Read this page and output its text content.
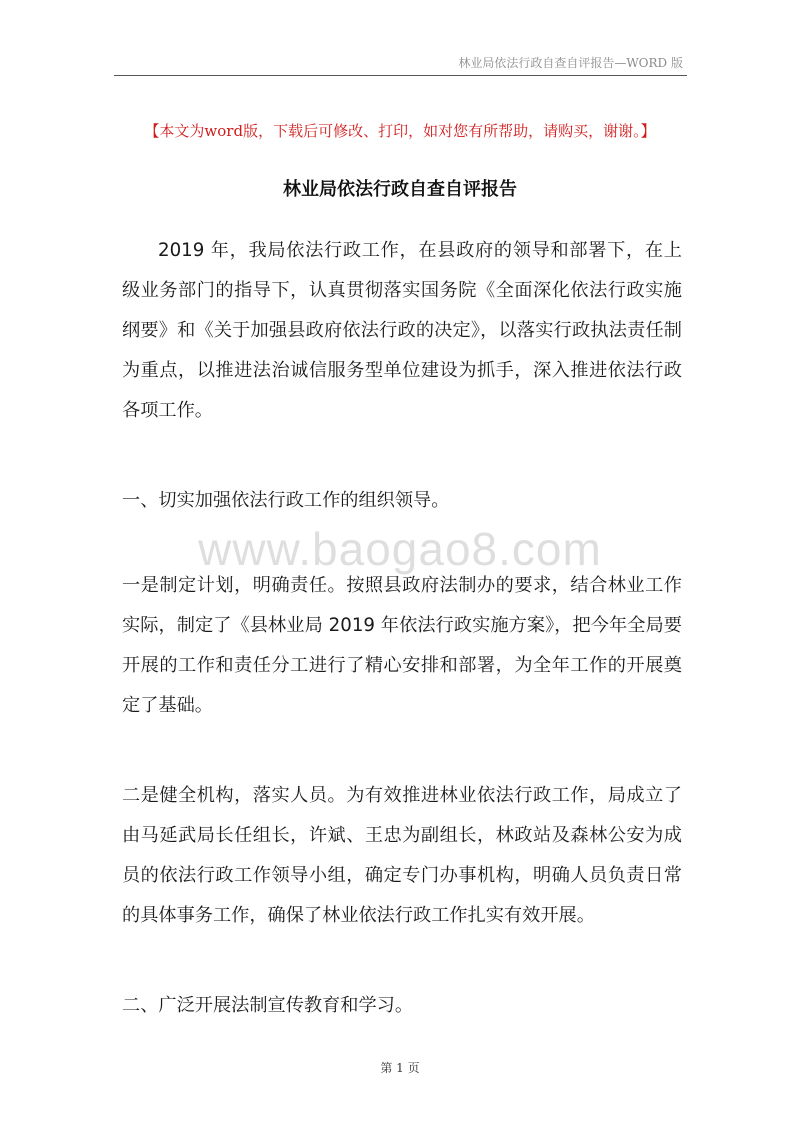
林业局依法行政自查自评报告—WORD 版
【本文为word版，下载后可修改、打印，如对您有所帮助，请购买，谢谢。】
林业局依法行政自查自评报告

2019 年，我局依法行政工作，在县政府的领导和部署下，在上级业务部门的指导下，认真贯彻落实国务院《全面深化依法行政实施纲要》和《关于加强县政府依法行政的决定》，以落实行政执法责任制为重点，以推进法治诚信服务型单位建设为抓手，深入推进依法行政各项工作。

一、切实加强依法行政工作的组织领导。

www.baogao8.com

一是制定计划，明确责任。按照县政府法制办的要求，结合林业工作实际，制定了《县林业局 2019 年依法行政实施方案》，把今年全局要开展的工作和责任分工进行了精心安排和部署，为全年工作的开展奠定了基础。

二是健全机构，落实人员。为有效推进林业依法行政工作，局成立了由马延武局长任组长，许斌、王忠为副组长，林政站及森林公安为成员的依法行政工作领导小组，确定专门办事机构，明确人员负责日常的具体事务工作，确保了林业依法行政工作扎实有效开展。

二、广泛开展法制宣传教育和学习。

第 1 页
